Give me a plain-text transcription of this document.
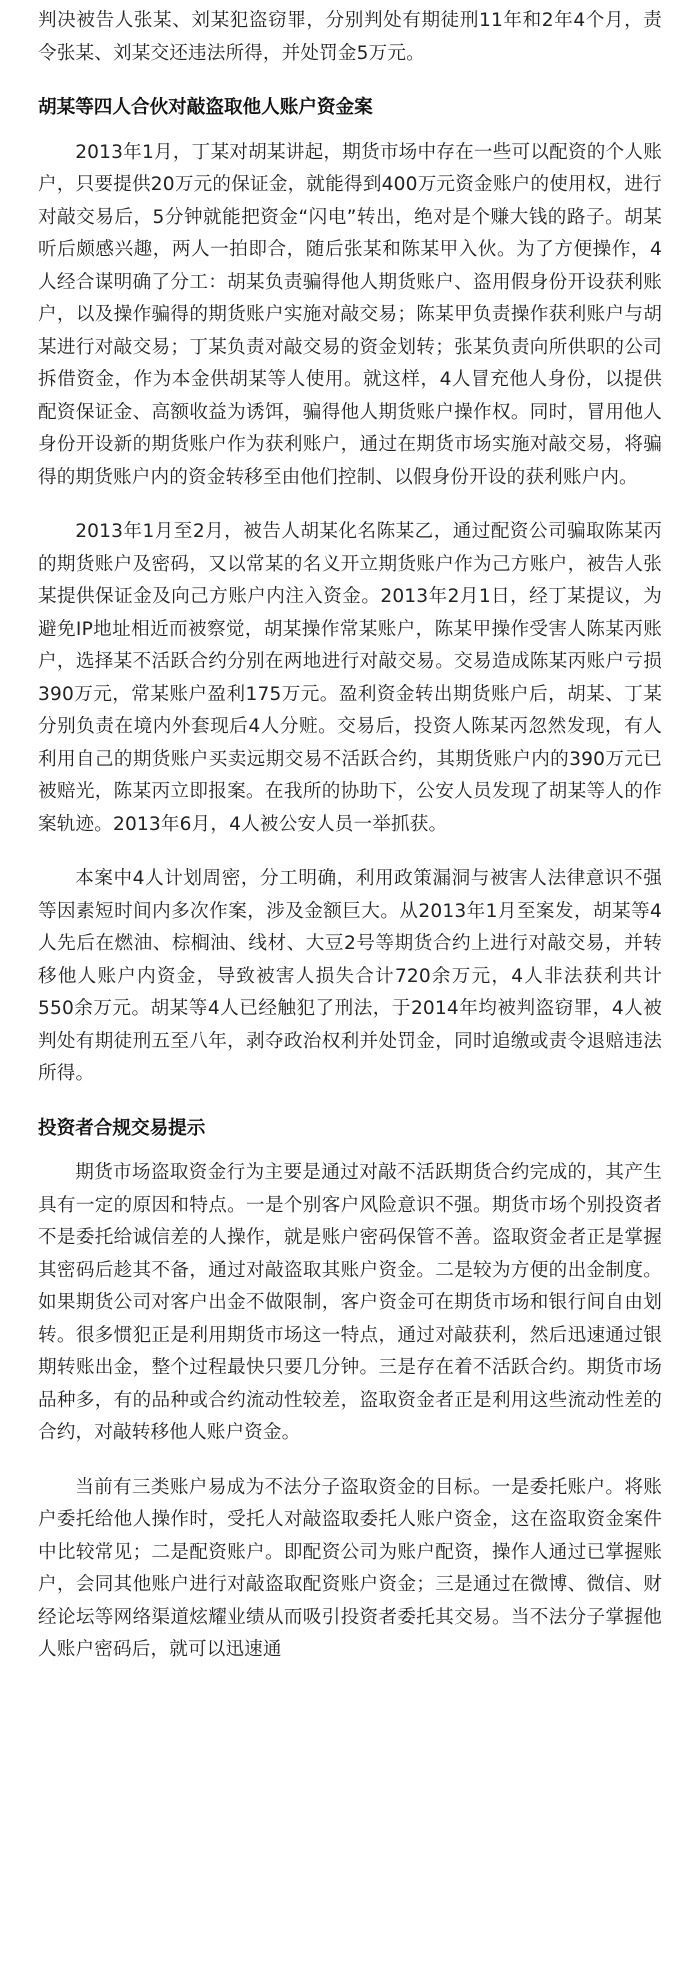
判决被告人张某、刘某犯盗窃罪，分别判处有期徒刑11年和2年4个月，责令张某、刘某交还违法所得，并处罚金5万元。

胡某等四人合伙对敲盗取他人账户资金案

2013年1月，丁某对胡某讲起，期货市场中存在一些可以配资的个人账户，只要提供20万元的保证金，就能得到400万元资金账户的使用权，进行对敲交易后，5分钟就能把资金“闪电”转出，绝对是个赚大钱的路子。胡某听后颇感兴趣，两人一拍即合，随后张某和陈某甲入伙。为了方便操作，4人经合谋明确了分工：胡某负责骗得他人期货账户、盗用假身份开设获利账户，以及操作骗得的期货账户实施对敲交易；陈某甲负责操作获利账户与胡某进行对敲交易；丁某负责对敲交易的资金划转；张某负责向所供职的公司拆借资金，作为本金供胡某等人使用。就这样，4人冒充他人身份，以提供配资保证金、高额收益为诱饵，骗得他人期货账户操作权。同时，冒用他人身份开设新的期货账户作为获利账户，通过在期货市场实施对敲交易，将骗得的期货账户内的资金转移至由他们控制、以假身份开设的获利账户内。

2013年1月至2月，被告人胡某化名陈某乙，通过配资公司骗取陈某丙的期货账户及密码，又以常某的名义开立期货账户作为己方账户，被告人张某提供保证金及向己方账户内注入资金。2013年2月1日，经丁某提议，为避免IP地址相近而被察觉，胡某操作常某账户，陈某甲操作受害人陈某丙账户，选择某不活跃合约分别在两地进行对敲交易。交易造成陈某丙账户亏损390万元，常某账户盈利175万元。盈利资金转出期货账户后，胡某、丁某分别负责在境内外套现后4人分赃。交易后，投资人陈某丙忽然发现，有人利用自己的期货账户买卖远期交易不活跃合约，其期货账户内的390万元已被赔光，陈某丙立即报案。在我所的协助下，公安人员发现了胡某等人的作案轨迹。2013年6月，4人被公安人员一举抓获。

本案中4人计划周密，分工明确，利用政策漏洞与被害人法律意识不强等因素短时间内多次作案，涉及金额巨大。从2013年1月至案发，胡某等4人先后在燃油、棕榈油、线材、大豆2号等期货合约上进行对敲交易，并转移他人账户内资金，导致被害人损失合计720余万元，4人非法获利共计550余万元。胡某等4人已经触犯了刑法，于2014年均被判盗窃罪，4人被判处有期徒刑五至八年，剥夺政治权利并处罚金，同时追缴或责令退赔违法所得。

投资者合规交易提示

期货市场盗取资金行为主要是通过对敲不活跃期货合约完成的，其产生具有一定的原因和特点。一是个别客户风险意识不强。期货市场个别投资者不是委托给诚信差的人操作，就是账户密码保管不善。盗取资金者正是掌握其密码后趁其不备，通过对敲盗取其账户资金。二是较为方便的出金制度。如果期货公司对客户出金不做限制，客户资金可在期货市场和银行间自由划转。很多惯犯正是利用期货市场这一特点，通过对敲获利，然后迅速通过银期转账出金，整个过程最快只要几分钟。三是存在着不活跃合约。期货市场品种多，有的品种或合约流动性较差，盗取资金者正是利用这些流动性差的合约，对敲转移他人账户资金。

当前有三类账户易成为不法分子盗取资金的目标。一是委托账户。将账户委托给他人操作时，受托人对敲盗取委托人账户资金，这在盗取资金案件中比较常见；二是配资账户。即配资公司为账户配资，操作人通过已掌握账户，会同其他账户进行对敲盗取配资账户资金；三是通过在微博、微信、财经论坛等网络渠道炫耀业绩从而吸引投资者委托其交易。当不法分子掌握他人账户密码后，就可以迅速通
